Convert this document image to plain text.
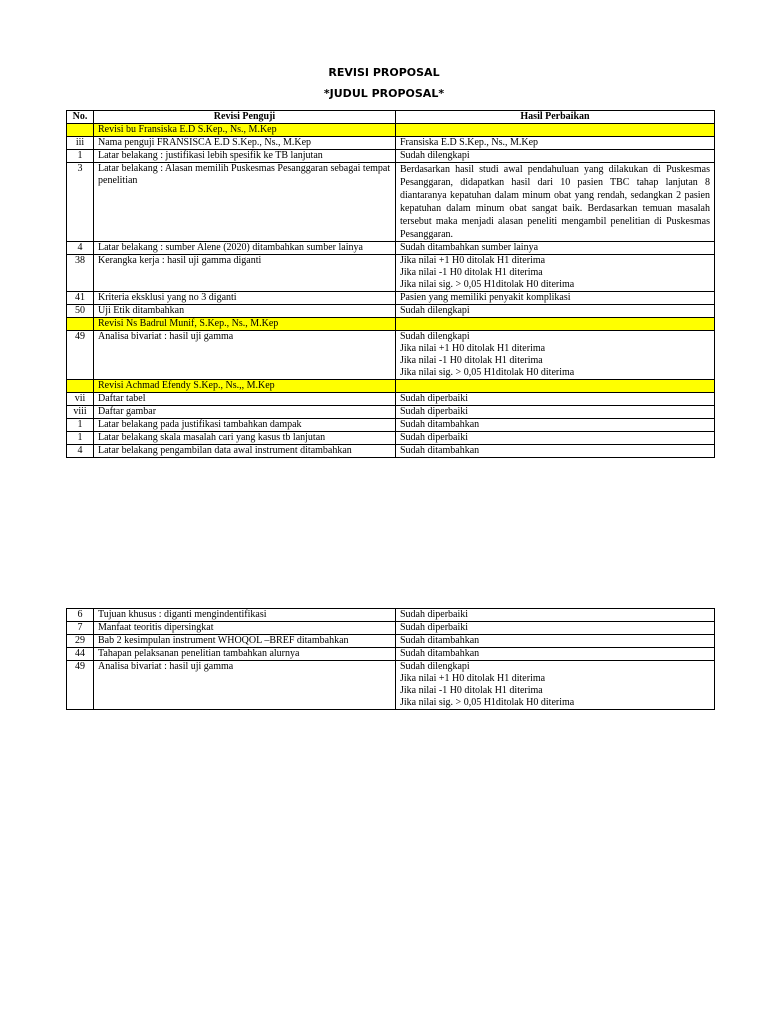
REVISI PROPOSAL
*JUDUL PROPOSAL*
No.	Revisi Penguji	Hasil Perbaikan
	Revisi bu Fransiska E.D S.Kep., Ns., M.Kep	
iii	Nama penguji FRANSISCA E.D S.Kep., Ns., M.Kep	Fransiska E.D S.Kep., Ns., M.Kep

1	Latar belakang : justifikasi lebih spesifik ke TB lanjutan	Sudah dilengkapi

3	Latar belakang : Alasan memilih Puskesmas Pesanggaran sebagai tempat penelitian	Berdasarkan hasil studi awal pendahuluan yang dilakukan di Puskesmas Pesanggaran, didapatkan hasil dari 10 pasien TBC tahap lanjutan 8 diantaranya kepatuhan dalam minum obat yang rendah, sedangkan 2 pasien kepatuhan dalam minum obat sangat baik. Berdasarkan temuan masalah tersebut maka menjadi alasan peneliti mengambil penelitian di Puskesmas Pesanggaran.

4	Latar belakang : sumber Alene (2020) ditambahkan sumber lainya	Sudah ditambahkan sumber lainya

38	Kerangka kerja : hasil uji gamma diganti	Jika nilai +1 H0 ditolak H1 diterima
Jika nilai -1 H0 ditolak H1 diterima
Jika nilai sig. > 0,05 H1ditolak H0 diterima

41	Kriteria eksklusi yang no 3 diganti	Pasien yang memiliki penyakit komplikasi

50	Uji Etik ditambahkan	Sudah dilengkapi

	Revisi Ns Badrul Munif, S.Kep., Ns., M.Kep	
49	Analisa bivariat : hasil uji gamma	Sudah dilengkapi
Jika nilai +1 H0 ditolak H1 diterima
Jika nilai -1 H0 ditolak H1 diterima
Jika nilai sig. > 0,05 H1ditolak H0 diterima

	Revisi Achmad Efendy S.Kep., Ns.,, M.Kep	
vii	Daftar tabel	Sudah diperbaiki

viii	Daftar gambar	Sudah diperbaiki

1	Latar belakang pada justifikasi tambahkan dampak	Sudah ditambahkan

1	Latar belakang skala masalah cari yang kasus tb lanjutan	Sudah diperbaiki

4	Latar belakang pengambilan data awal instrument ditambahkan	Sudah ditambahkan
6	Tujuan khusus : diganti mengindentifikasi	Sudah diperbaiki

7	Manfaat teoritis dipersingkat	Sudah diperbaiki

29	Bab 2 kesimpulan instrument WHOQOL –BREF ditambahkan	Sudah ditambahkan

44	Tahapan pelaksanan penelitian tambahkan alurnya	Sudah ditambahkan

49	Analisa bivariat : hasil uji gamma	Sudah dilengkapi
Jika nilai +1 H0 ditolak H1 diterima
Jika nilai -1 H0 ditolak H1 diterima
Jika nilai sig. > 0,05 H1ditolak H0 diterima
